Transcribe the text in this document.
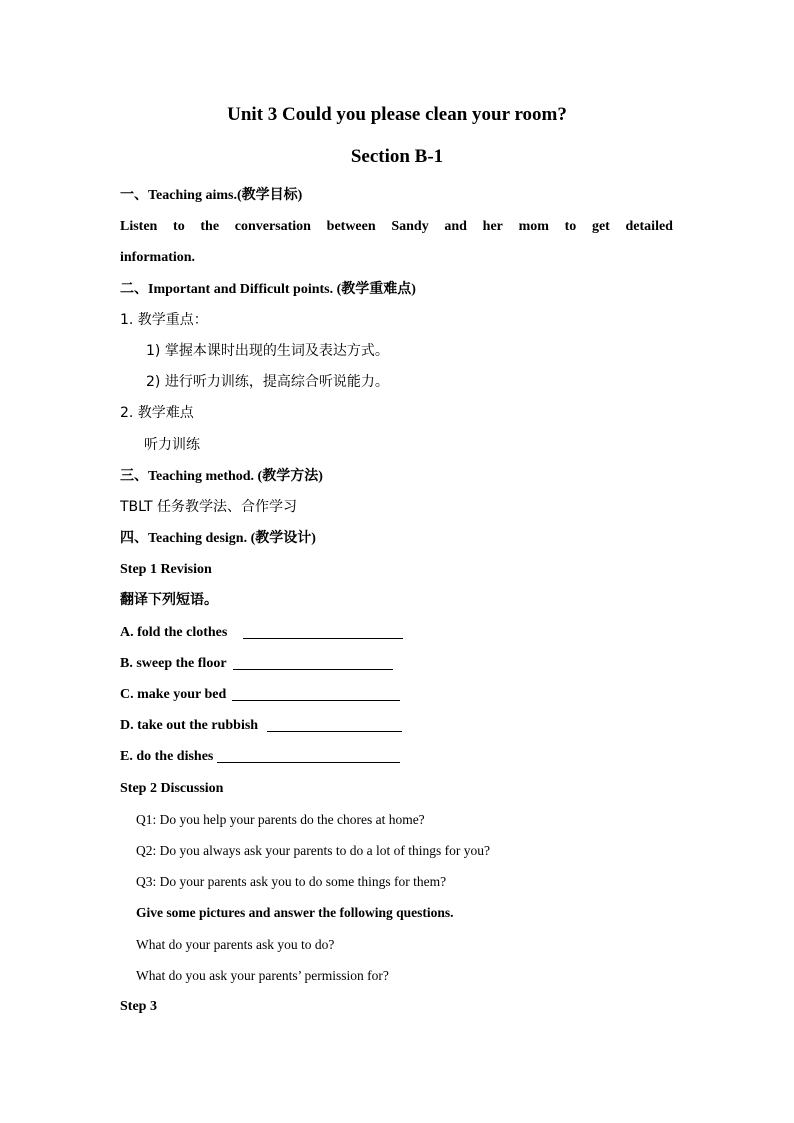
Unit 3 Could you please clean your room?
Section B-1
一、Teaching aims.(教学目标)
Listen to the conversation between Sandy and her mom to get detailed
information.
二、Important and Difficult points. (教学重难点)
1. 教学重点：
1) 掌握本课时出现的生词及表达方式。
2) 进行听力训练，提高综合听说能力。
2. 教学难点
听力训练
三、Teaching method. (教学方法)
TBLT 任务教学法、合作学习
四、Teaching design. (教学设计)
Step 1 Revision
翻译下列短语。
A. fold the clothes
B. sweep the floor
C. make your bed
D. take out the rubbish
E. do the dishes
Step 2 Discussion
Q1: Do you help your parents do the chores at home?
Q2: Do you always ask your parents to do a lot of things for you?
Q3: Do your parents ask you to do some things for them?
Give some pictures and answer the following questions.
What do your parents ask you to do?
What do you ask your parents’ permission for?
Step 3
